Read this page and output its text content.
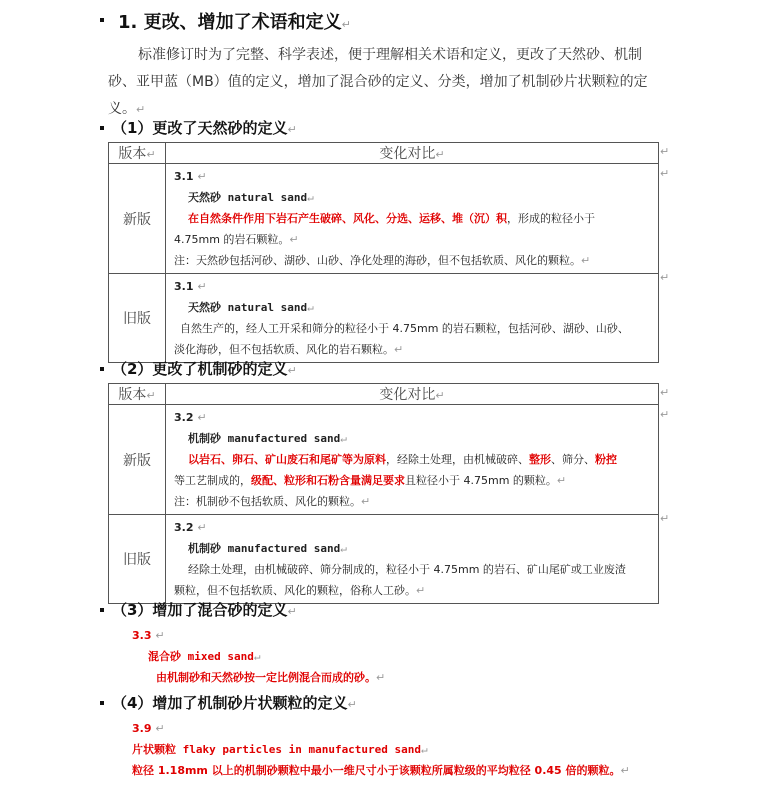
1. 更改、增加了术语和定义↵
标准修订时为了完整、科学表述，便于理解相关术语和定义，更改了天然砂、机制砂、亚甲蓝（MB）值的定义，增加了混合砂的定义、分类，增加了机制砂片状颗粒的定义。↵
（1）更改了天然砂的定义↵
版本↵	变化对比↵
新版	3.1 ↵
天然砂 natural sand↵
在自然条件作用下岩石产生破碎、风化、分选、运移、堆（沉）积，形成的粒径小于
4.75mm 的岩石颗粒。↵
注：天然砂包括河砂、湖砂、山砂、净化处理的海砂，但不包括软质、风化的颗粒。↵

旧版	3.1 ↵
天然砂 natural sand↵
自然生产的，经人工开采和筛分的粒径小于 4.75mm 的岩石颗粒，包括河砂、湖砂、山砂、
淡化海砂，但不包括软质、风化的岩石颗粒。↵
↵
↵
↵
（2）更改了机制砂的定义↵
版本↵	变化对比↵
新版	3.2 ↵
机制砂 manufactured sand↵
以岩石、卵石、矿山废石和尾矿等为原料，经除土处理，由机械破碎、整形、筛分、粉控
等工艺制成的，级配、粒形和石粉含量满足要求且粒径小于 4.75mm 的颗粒。↵
注：机制砂不包括软质、风化的颗粒。↵

旧版	3.2 ↵
机制砂 manufactured sand↵
经除土处理，由机械破碎、筛分制成的，粒径小于 4.75mm 的岩石、矿山尾矿或工业废渣
颗粒，但不包括软质、风化的颗粒，俗称人工砂。↵
↵
↵
↵
（3）增加了混合砂的定义↵
3.3 ↵
混合砂 mixed sand↵
由机制砂和天然砂按一定比例混合而成的砂。↵
（4）增加了机制砂片状颗粒的定义↵
3.9 ↵
片状颗粒 flaky particles in manufactured sand↵
粒径 1.18mm 以上的机制砂颗粒中最小一维尺寸小于该颗粒所属粒级的平均粒径 0.45 倍的颗粒。↵
